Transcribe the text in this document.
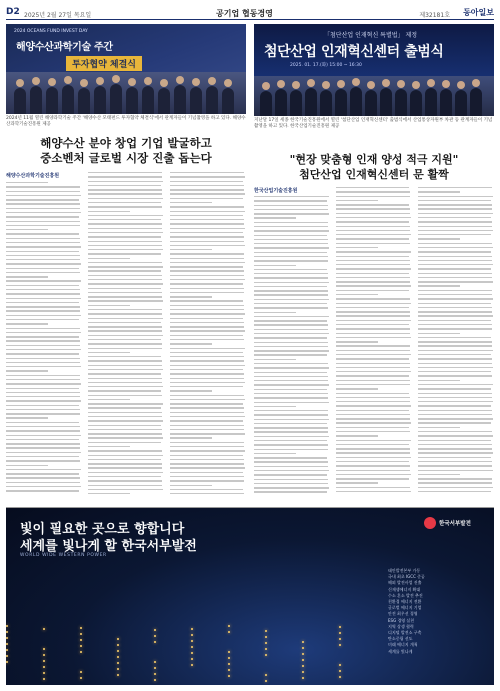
D2 2025년 2월 27일 목요일	공기업 협동경영	제32181호 동아일보
2024 OCEANS FUND INVEST DAY
해양수산과학기술 주간
투자협약 체결식
2024년 11월 열린 해양과학기술 주간 '해양수산 모태펀드 투자협약 체결식'에서 관계자들이 기념촬영을 하고 있다. 해양수산과학기술진흥원 제공
해양수산 분야 창업 기업 발굴하고
중소벤처 글로벌 시장 진출 돕는다
해양수산과학기술진흥원
「첨단산업 인재혁신 특별법」 제정
첨단산업 인재혁신센터 출범식
2025. 01. 17.(화) 15:00 ~ 16:30
지난달 17일 세종 한국기술진흥원에서 열린 '첨단산업 인재혁신센터' 출범식에서 산업통상자원부 차관 등 관계자들이 기념촬영을 하고 있다. 한국산업기술진흥원 제공
"현장 맞춤형 인재 양성 적극 지원"
첨단산업 인재혁신센터 문 활짝
한국산업기술진흥원
빛이 필요한 곳으로 향합니다
세계를 빛나게 할 한국서부발전
WORLD WIDE WESTERN POWER
한국서부발전
태안발전본부 가동
국내 최초 IGCC 준공
해외 발전사업 진출
신재생에너지 확대
수소 혼소 발전 추진
친환경 에너지 전환
글로벌 에너지 기업
안전 최우선 경영
ESG 경영 실천
지역 상생 협력
디지털 발전소 구축
탄소중립 선도
미래 에너지 개척
세계를 빛나게
